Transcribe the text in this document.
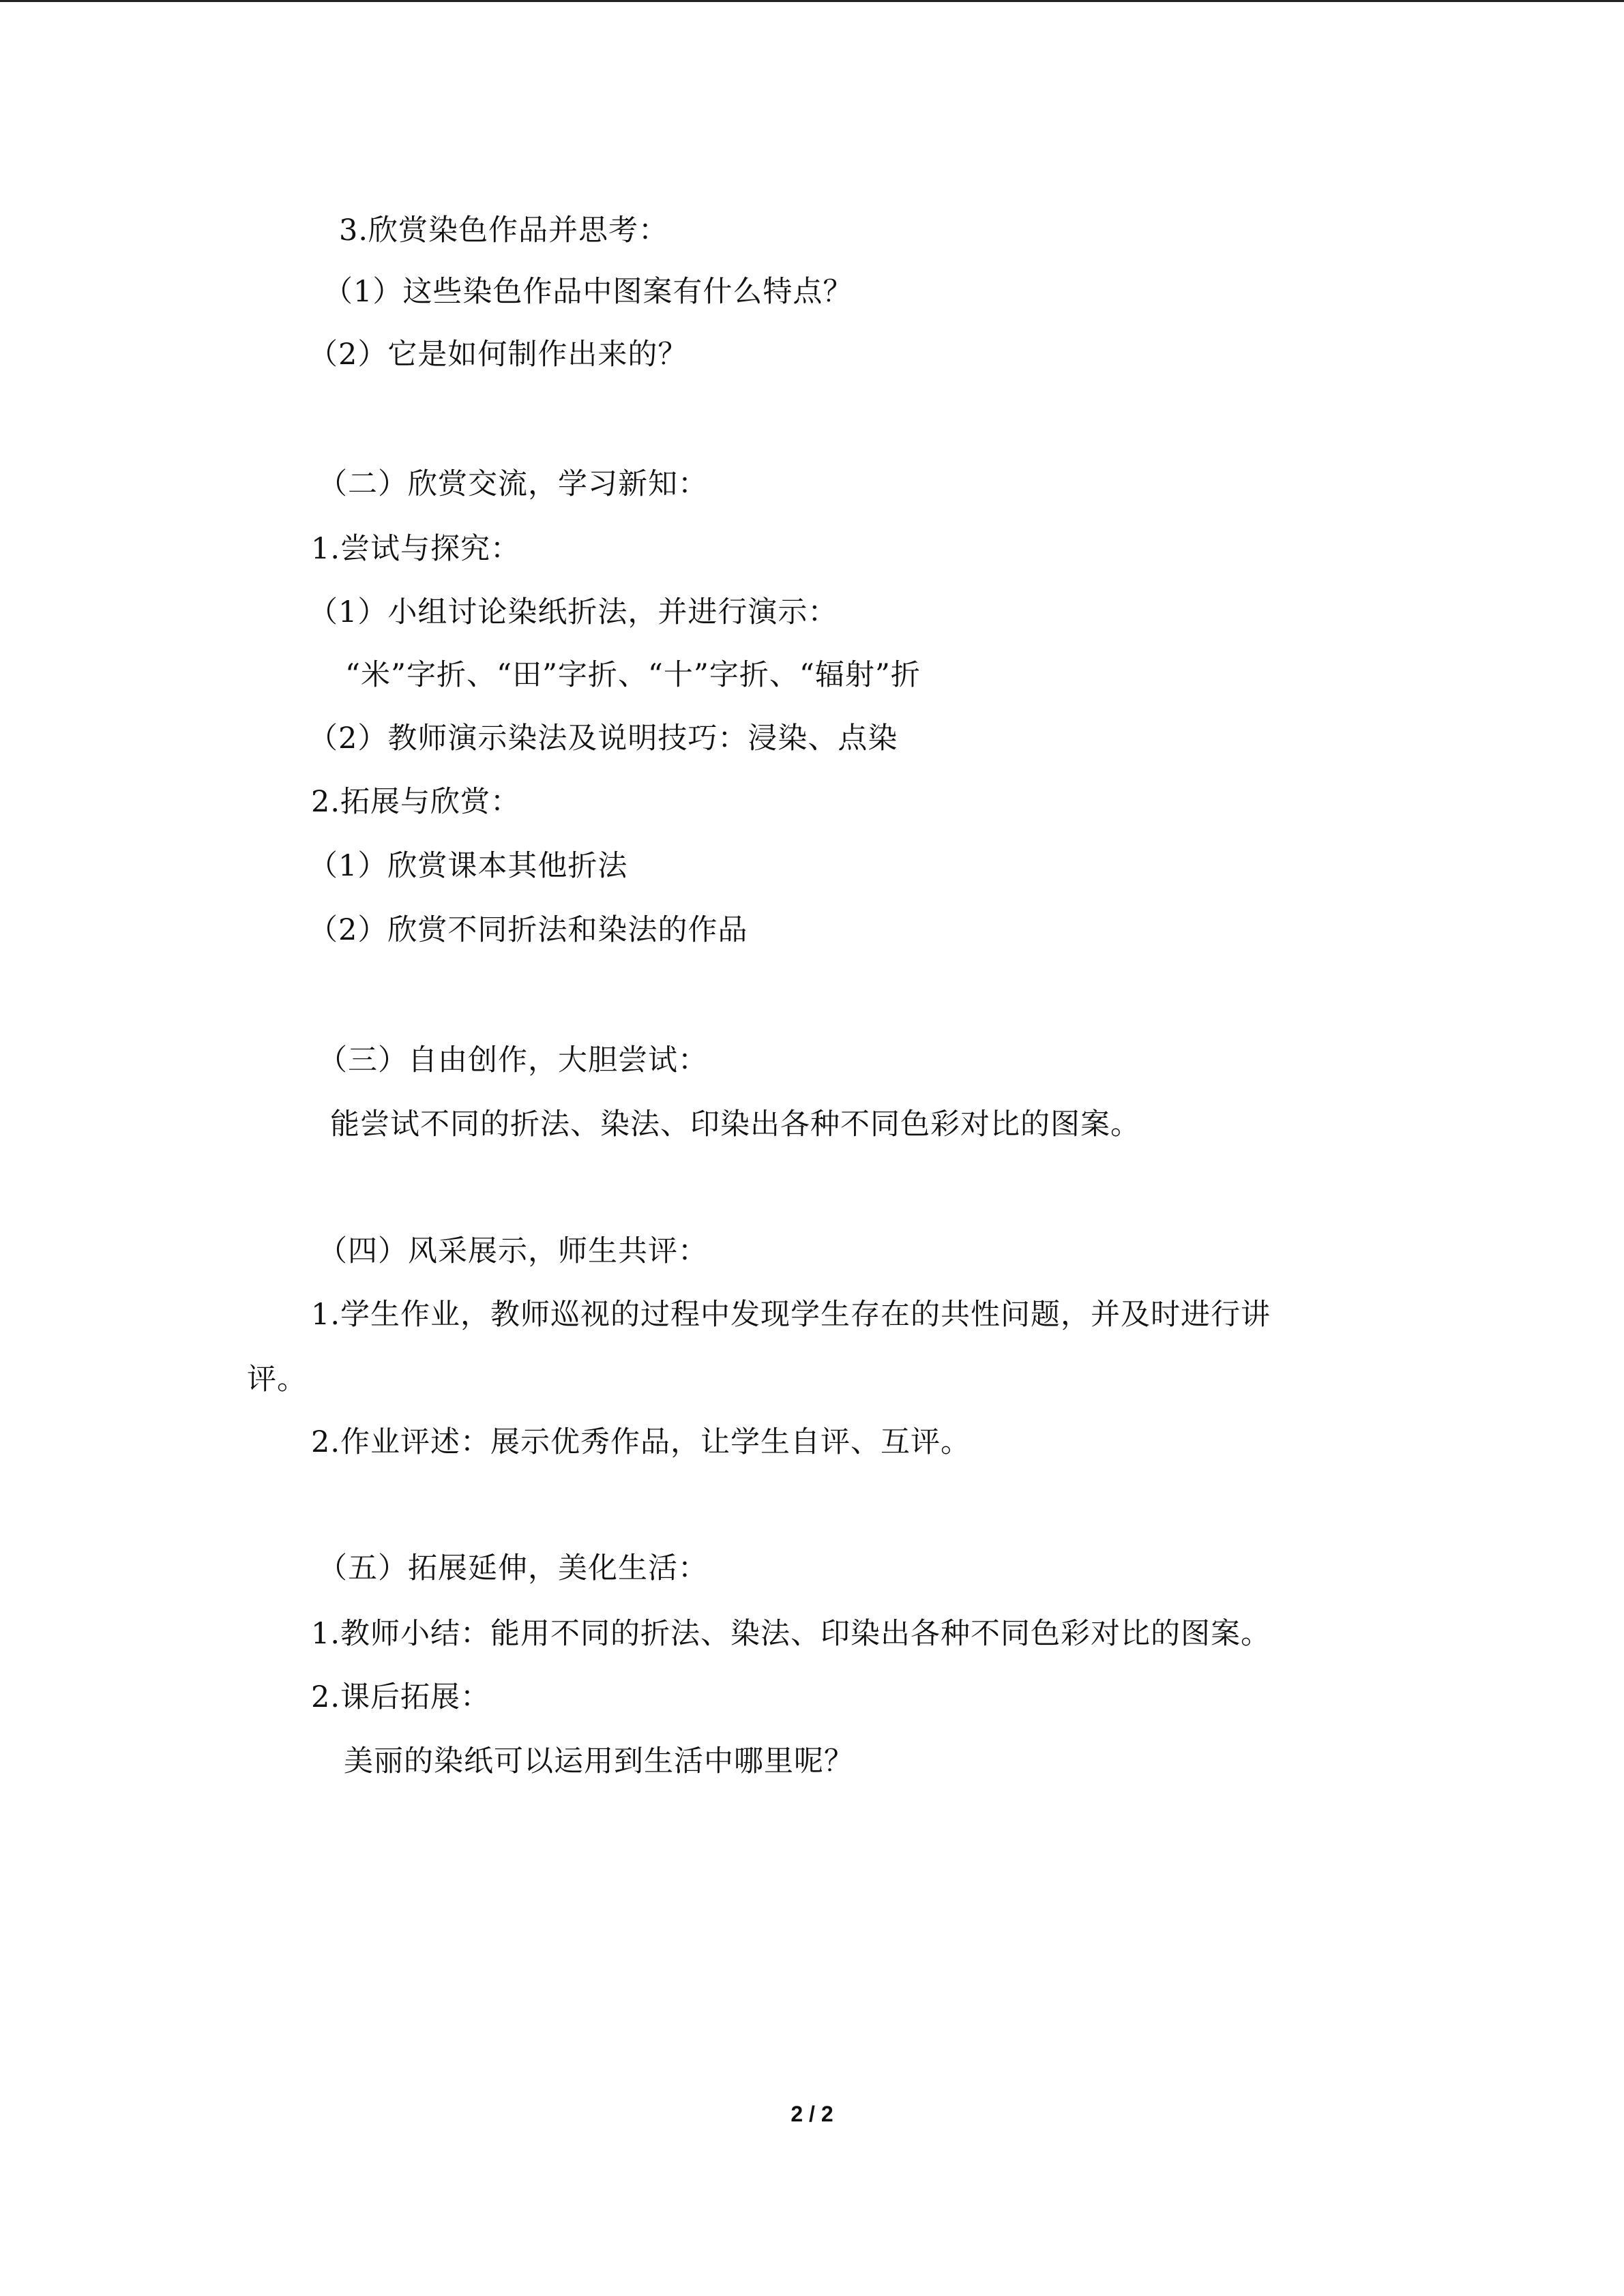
3.欣赏染色作品并思考：
（1）这些染色作品中图案有什么特点？
（2）它是如何制作出来的？
（二）欣赏交流，学习新知：
1.尝试与探究：
（1）小组讨论染纸折法，并进行演示：
“米”字折、“田”字折、“十”字折、“辐射”折
（2）教师演示染法及说明技巧：浸染、点染
2.拓展与欣赏：
（1）欣赏课本其他折法
（2）欣赏不同折法和染法的作品
（三）自由创作，大胆尝试：
能尝试不同的折法、染法、印染出各种不同色彩对比的图案。
（四）风采展示，师生共评：
1.学生作业，教师巡视的过程中发现学生存在的共性问题，并及时进行讲
评。
2.作业评述：展示优秀作品，让学生自评、互评。
（五）拓展延伸，美化生活：
1.教师小结：能用不同的折法、染法、印染出各种不同色彩对比的图案。
2.课后拓展：
美丽的染纸可以运用到生活中哪里呢？
2 / 2
